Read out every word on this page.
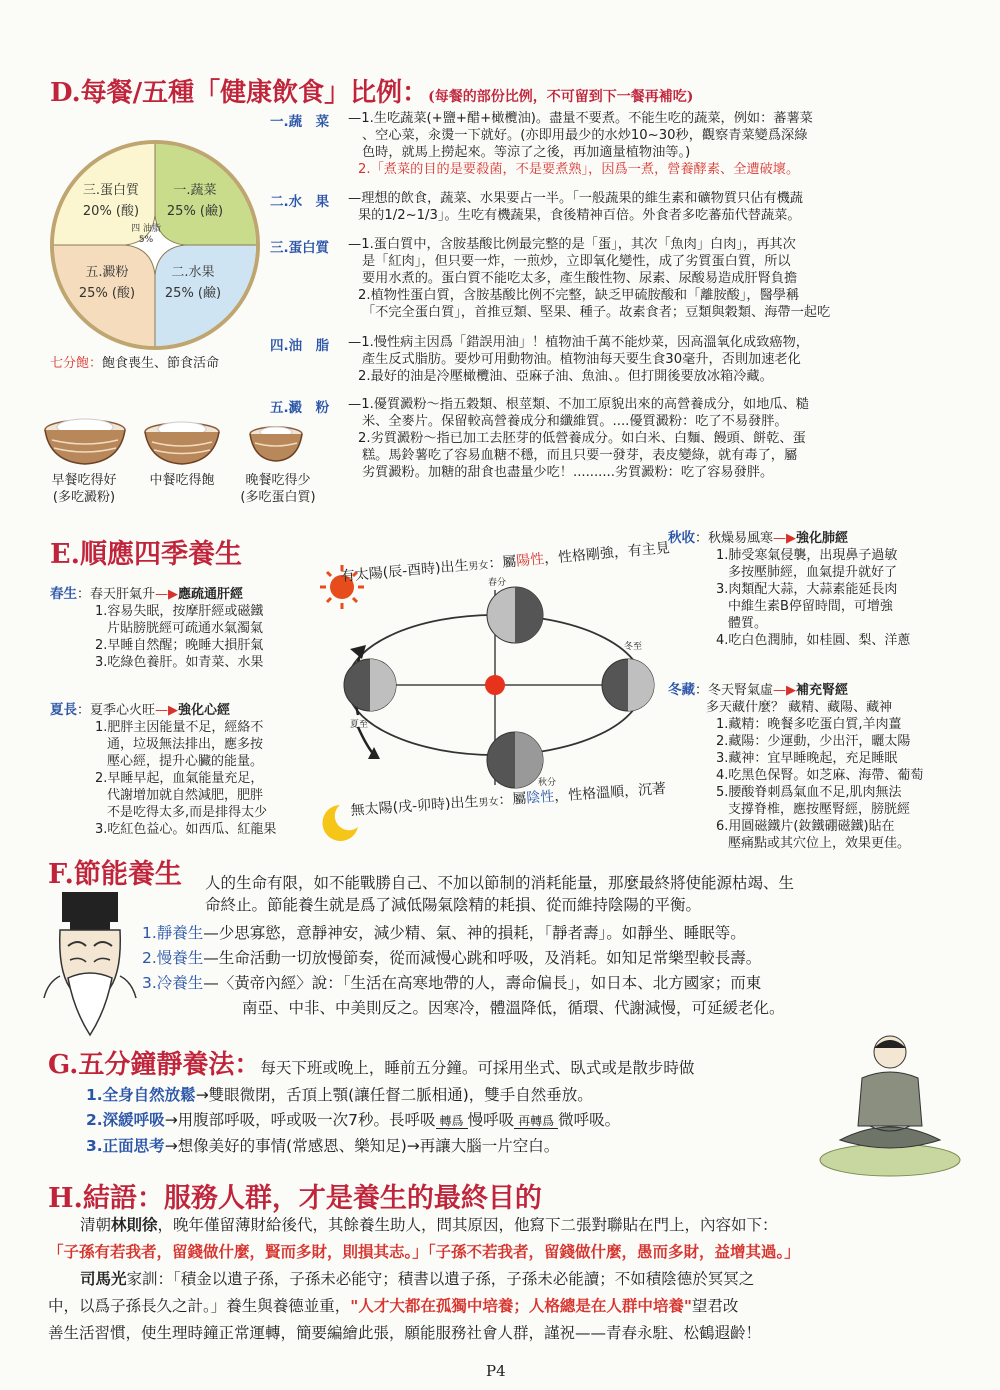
D.每餐/五種「健康飲食」比例：(每餐的部份比例，不可留到下一餐再補吃)
三.蛋白質
20% (酸)
一.蔬菜
25% (鹼)
五.澱粉
25% (酸)
二.水果
25% (鹼)
四 油脂
5%
七分飽：飽食喪生、節食活命
早餐吃得好
(多吃澱粉)
中餐吃得飽	晚餐吃得少
(多吃蛋白質)
一.蔬　菜 —1.生吃蔬菜(+鹽+醋+橄欖油)。盡量不要煮。不能生吃的蔬菜，例如：蕃薯菜
、空心菜，汆燙一下就好。(亦即用最少的水炒10~30秒，觀察青菜變爲深綠
色時，就馬上撈起來。等涼了之後，再加適量植物油等。)
2.「煮菜的目的是要殺菌，不是要煮熟」，因爲一煮，營養酵素、全遭破壞。
二.水　果 —理想的飲食，蔬菜、水果要占一半。「一般蔬果的維生素和礦物質只佔有機蔬
果的1/2~1/3」。生吃有機蔬果，食後精神百倍。外食者多吃蕃茄代替蔬菜。
三.蛋白質 —1.蛋白質中，含胺基酸比例最完整的是「蛋」，其次「魚肉」白肉」，再其次
是「紅肉」，但只要一炸，一煎炒，立即氧化變性，成了劣質蛋白質，所以
要用水煮的。蛋白質不能吃太多，產生酸性物、尿素、尿酸易造成肝腎負擔
2.植物性蛋白質，含胺基酸比例不完整，缺乏甲硫胺酸和「離胺酸」，醫學稱
「不完全蛋白質」，首推豆類、堅果、種子。故素食者；豆類與穀類、海帶一起吃
四.油　脂 —1.慢性病主因爲「錯誤用油」！植物油千萬不能炒菜，因高溫氧化成致癌物，
產生反式脂肪。要炒可用動物油。植物油每天要生食30毫升，否則加速老化
2.最好的油是冷壓橄欖油、亞麻子油、魚油、。但打開後要放冰箱冷藏。
五.澱　粉 —1.優質澱粉～指五穀類、根莖類、不加工原貌出來的高營養成分，如地瓜、糙
米、全麥片。保留較高營養成分和纖維質。....優質澱粉：吃了不易發胖。
2.劣質澱粉～指已加工去胚芽的低營養成分。如白米、白麵、饅頭、餅乾、蛋
糕。馬鈴薯吃了容易血糖不穩，而且只要一發芽，表皮變綠，就有毒了，屬
劣質澱粉。加糖的甜食也盡量少吃！..........劣質澱粉：吃了容易發胖。
E.順應四季養生
春生：春天肝氣升—▶應疏通肝經
1.容易失眠，按摩肝經或磁鐵
片貼膀胱經可疏通水氣濁氣
2.早睡自然醒；晚睡大損肝氣
3.吃綠色養肝。如青菜、水果
夏長：夏季心火旺—▶強化心經
1.肥胖主因能量不足，經絡不
通，垃圾無法排出，應多按
壓心經，提升心臟的能量。
2.早睡早起，血氣能量充足，
代謝增加就自然減肥，肥胖
不是吃得太多,而是排得太少
3.吃紅色益心。如西瓜、紅龍果
春分
冬至
夏至
秋分
有太陽(辰-酉時)出生男女：屬陽性，性格剛強，有主見
無太陽(戌-卯時)出生男女：屬陰性，性格溫順，沉著
秋收：秋燥易風寒—▶強化肺經
1.肺受寒氣侵襲，出現鼻子過敏
多按壓肺經，血氣提升就好了
3.肉類配大蒜，大蒜素能延長肉
中維生素B停留時間，可增強
體質。
4.吃白色潤肺，如桂圓、梨、洋蔥
冬藏：冬天腎氣虛—▶補充腎經
多天藏什麼？ 藏精、藏陽、藏神
1.藏精：晚餐多吃蛋白質,羊肉薑
2.藏陽：少運動，少出汗，曬太陽
3.藏神：宜早睡晚起，充足睡眠
4.吃黑色保腎。如芝麻、海帶、葡萄
5.腰酸脊刺爲氣血不足,肌肉無法
支撐脊椎，應按壓腎經，膀胱經
6.用圓磁鐵片(釹鐵硼磁鐵)貼在
壓痛點或其穴位上，效果更佳。
F.節能養生 人的生命有限，如不能戰勝自己、不加以節制的消耗能量，那麼最終將使能源枯竭、生
命終止。節能養生就是爲了減低陽氣陰精的耗損、從而維持陰陽的平衡。
1.靜養生—少思寡慾，意靜神安，減少精、氣、神的損耗，「靜者壽」。如靜坐、睡眠等。
2.慢養生—生命活動一切放慢節奏，從而減慢心跳和呼吸，及消耗。如知足常樂型較長壽。
3.冷養生—〈黃帝內經〉說：「生活在高寒地帶的人，壽命偏長」，如日本、北方國家；而東
南亞、中非、中美則反之。因寒冷，體溫降低，循環、代謝減慢，可延緩老化。
G.五分鐘靜養法：每天下班或晚上，睡前五分鐘。可採用坐式、臥式或是散步時做
1.全身自然放鬆→雙眼微閉，舌頂上顎(讓任督二脈相通)，雙手自然垂放。
2.深緩呼吸→用腹部呼吸，呼或吸一次7秒。長呼吸 轉爲 慢呼吸 再轉爲 微呼吸。
3.正面思考→想像美好的事情(常感恩、樂知足)→再讓大腦一片空白。
H.結語：服務人群，才是養生的最終目的
清朝林則徐，晚年僅留薄財給後代，其餘養生助人，問其原因，他寫下二張對聯貼在門上，內容如下：
「子孫有若我者，留錢做什麼，賢而多財，則損其志。」「子孫不若我者，留錢做什麼，愚而多財，益增其過。」
司馬光家訓：「積金以遺子孫，子孫未必能守；積書以遺子孫，子孫未必能讀；不如積陰德於冥冥之
中，以爲子孫長久之計。」養生與養德並重，"人才大都在孤獨中培養；人格總是在人群中培養"望君改
善生活習慣，使生理時鐘正常運轉，簡要編繪此張，願能服務社會人群，謹祝——青春永駐、松鶴遐齡！
P4
